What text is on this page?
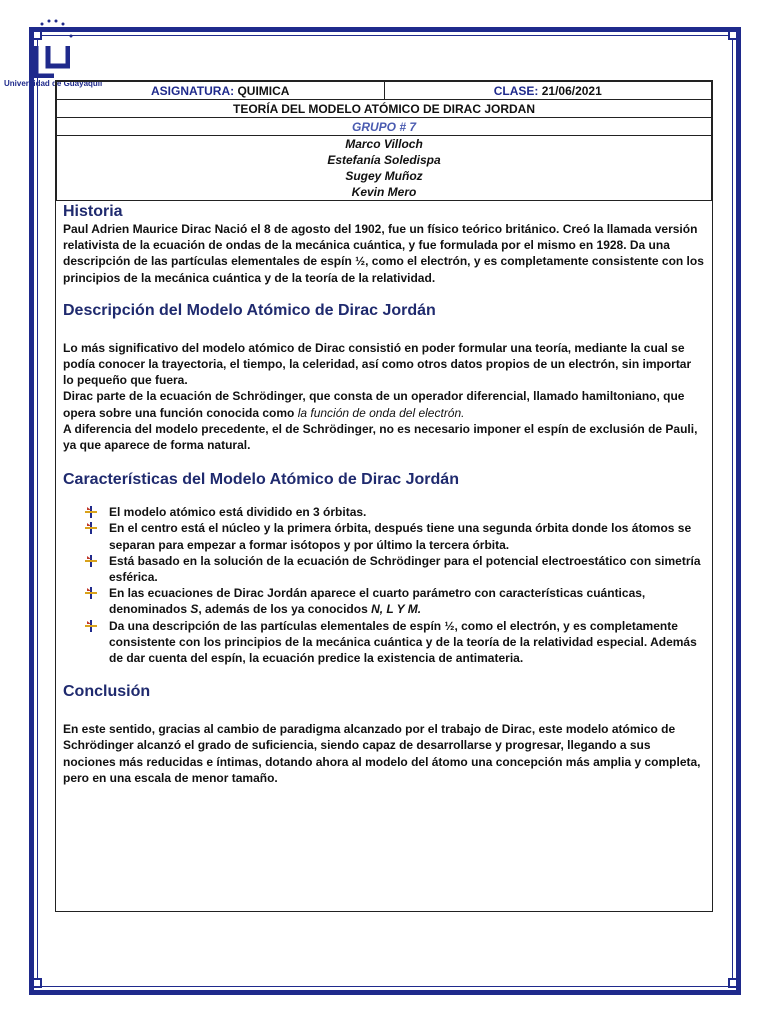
Universidad de Guayaquil	ASIGNATURA: QUIMICA	CLASE: 21/06/2021
TEORÍA DEL MODELO ATÓMICO DE DIRAC JORDAN
GRUPO # 7

Marco Villoch
Estefanía Soledispa
Sugey Muñoz
Kevin Mero
Historia

Paul Adrien Maurice Dirac Nació el 8 de agosto del 1902, fue un físico teórico británico. Creó la llamada versión relativista de la ecuación de ondas de la mecánica cuántica, y fue formulada por el mismo en 1928. Da una descripción de las partículas elementales de espín ½, como el electrón, y es completamente consistente con los principios de la mecánica cuántica y de la teoría de la relatividad.

Descripción del Modelo Atómico de Dirac Jordán

Lo más significativo del modelo atómico de Dirac consistió en poder formular una teoría, mediante la cual se podía conocer la trayectoria, el tiempo, la celeridad, así como otros datos propios de un electrón, sin importar lo pequeño que fuera.

Dirac parte de la ecuación de Schrödinger, que consta de un operador diferencial, llamado hamiltoniano, que opera sobre una función conocida como la función de onda del electrón.

A diferencia del modelo precedente, el de Schrödinger, no es necesario imponer el espín de exclusión de Pauli, ya que aparece de forma natural.

Características del Modelo Atómico de Dirac Jordán
El modelo atómico está dividido en 3 órbitas.
En el centro está el núcleo y la primera órbita, después tiene una segunda órbita donde los átomos se separan para empezar a formar isótopos y por último la tercera órbita.
Está basado en la solución de la ecuación de Schrödinger para el potencial electroestático con simetría esférica.
En las ecuaciones de Dirac Jordán aparece el cuarto parámetro con características cuánticas, denominados S, además de los ya conocidos N, L Y M.
Da una descripción de las partículas elementales de espín ½, como el electrón, y es completamente consistente con los principios de la mecánica cuántica y de la teoría de la relatividad especial. Además de dar cuenta del espín, la ecuación predice la existencia de antimateria.
Conclusión

En este sentido, gracias al cambio de paradigma alcanzado por el trabajo de Dirac, este modelo atómico de Schrödinger alcanzó el grado de suficiencia, siendo capaz de desarrollarse y progresar, llegando a sus nociones más reducidas e íntimas, dotando ahora al modelo del átomo una concepción más amplia y completa, pero en una escala de menor tamaño.
